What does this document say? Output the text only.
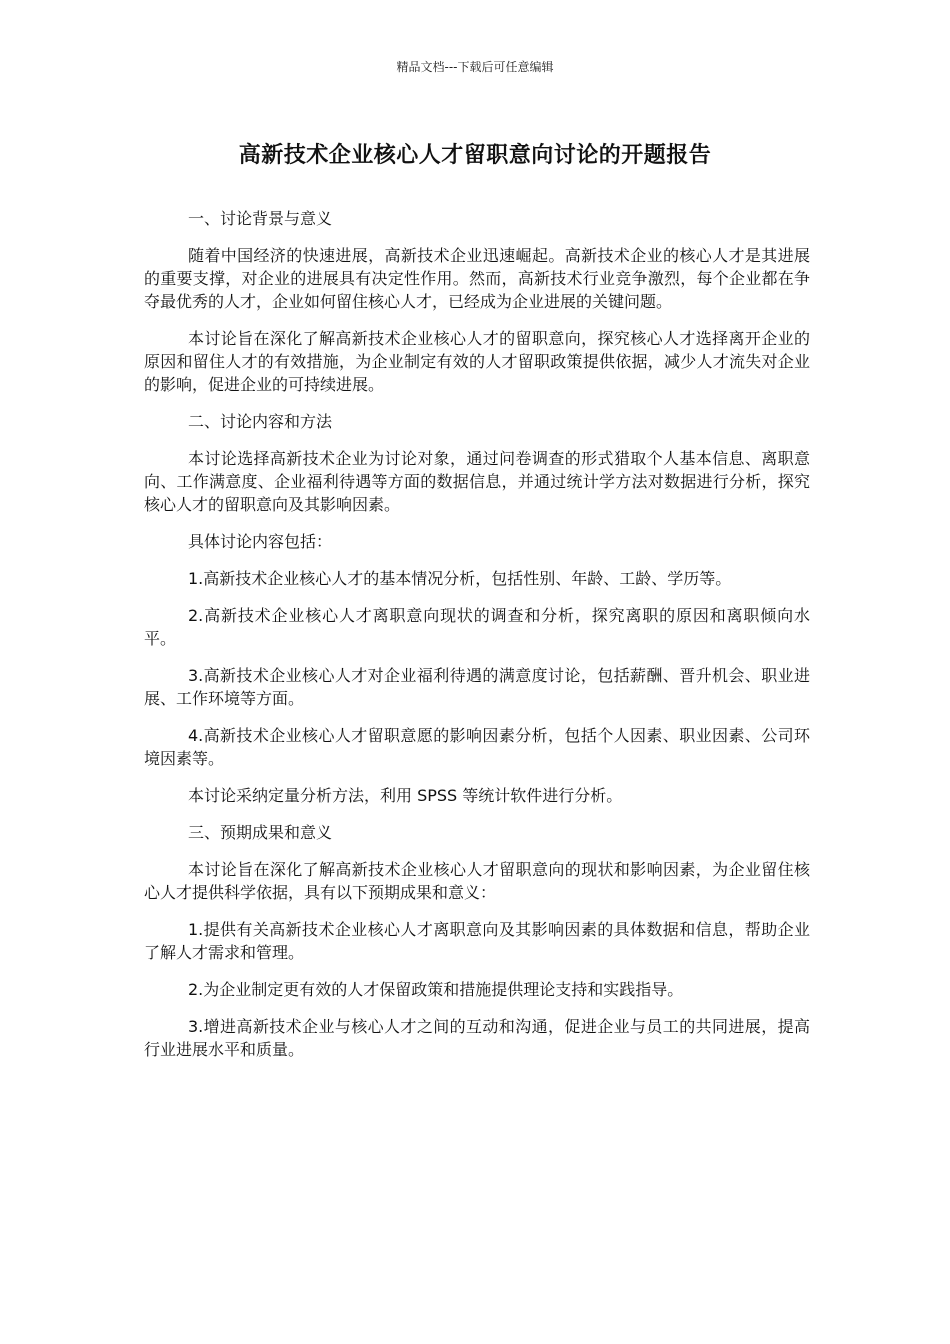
精品文档---下载后可任意编辑
高新技术企业核心人才留职意向讨论的开题报告

一、讨论背景与意义

随着中国经济的快速进展，高新技术企业迅速崛起。高新技术企业的核心人才是其进展的重要支撑，对企业的进展具有决定性作用。然而，高新技术行业竞争激烈，每个企业都在争夺最优秀的人才，企业如何留住核心人才，已经成为企业进展的关键问题。

本讨论旨在深化了解高新技术企业核心人才的留职意向，探究核心人才选择离开企业的原因和留住人才的有效措施，为企业制定有效的人才留职政策提供依据，减少人才流失对企业的影响，促进企业的可持续进展。

二、讨论内容和方法

本讨论选择高新技术企业为讨论对象，通过问卷调查的形式猎取个人基本信息、离职意向、工作满意度、企业福利待遇等方面的数据信息，并通过统计学方法对数据进行分析，探究核心人才的留职意向及其影响因素。

具体讨论内容包括：

1.高新技术企业核心人才的基本情况分析，包括性别、年龄、工龄、学历等。

2.高新技术企业核心人才离职意向现状的调查和分析，探究离职的原因和离职倾向水平。

3.高新技术企业核心人才对企业福利待遇的满意度讨论，包括薪酬、晋升机会、职业进展、工作环境等方面。

4.高新技术企业核心人才留职意愿的影响因素分析，包括个人因素、职业因素、公司环境因素等。

本讨论采纳定量分析方法，利用 SPSS 等统计软件进行分析。

三、预期成果和意义

本讨论旨在深化了解高新技术企业核心人才留职意向的现状和影响因素，为企业留住核心人才提供科学依据，具有以下预期成果和意义：

1.提供有关高新技术企业核心人才离职意向及其影响因素的具体数据和信息，帮助企业了解人才需求和管理。

2.为企业制定更有效的人才保留政策和措施提供理论支持和实践指导。

3.增进高新技术企业与核心人才之间的互动和沟通，促进企业与员工的共同进展，提高行业进展水平和质量。
